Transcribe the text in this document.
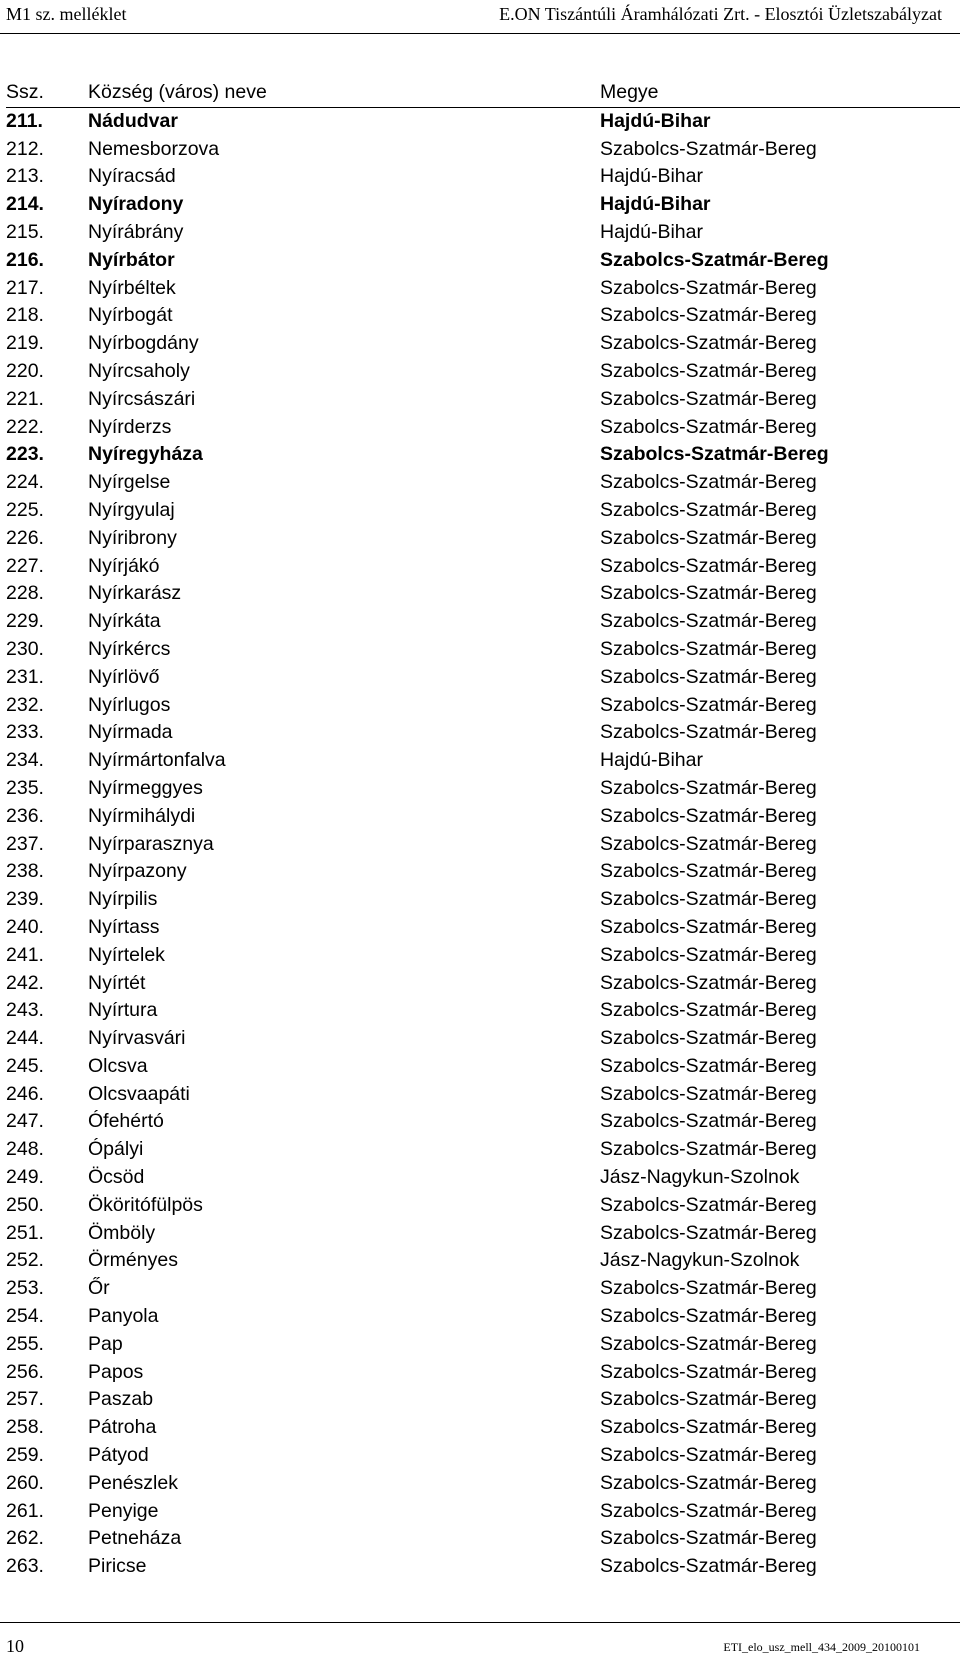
M1 sz. melléklet	E.ON Tiszántúli Áramhálózati Zrt. - Elosztói Üzletszabályzat
Ssz. Község (város) neve	Megye
211. Nádudvar	Hajdú-Bihar
212. Nemesborzova	Szabolcs-Szatmár-Bereg
213. Nyíracsád	Hajdú-Bihar
214. Nyíradony	Hajdú-Bihar
215. Nyírábrány	Hajdú-Bihar
216. Nyírbátor	Szabolcs-Szatmár-Bereg
217. Nyírbéltek	Szabolcs-Szatmár-Bereg
218. Nyírbogát	Szabolcs-Szatmár-Bereg
219. Nyírbogdány	Szabolcs-Szatmár-Bereg
220. Nyírcsaholy	Szabolcs-Szatmár-Bereg
221. Nyírcsászári	Szabolcs-Szatmár-Bereg
222. Nyírderzs	Szabolcs-Szatmár-Bereg
223. Nyíregyháza	Szabolcs-Szatmár-Bereg
224. Nyírgelse	Szabolcs-Szatmár-Bereg
225. Nyírgyulaj	Szabolcs-Szatmár-Bereg
226. Nyíribrony	Szabolcs-Szatmár-Bereg
227. Nyírjákó	Szabolcs-Szatmár-Bereg
228. Nyírkarász	Szabolcs-Szatmár-Bereg
229. Nyírkáta	Szabolcs-Szatmár-Bereg
230. Nyírkércs	Szabolcs-Szatmár-Bereg
231. Nyírlövő	Szabolcs-Szatmár-Bereg
232. Nyírlugos	Szabolcs-Szatmár-Bereg
233. Nyírmada	Szabolcs-Szatmár-Bereg
234. Nyírmártonfalva	Hajdú-Bihar
235. Nyírmeggyes	Szabolcs-Szatmár-Bereg
236. Nyírmihálydi	Szabolcs-Szatmár-Bereg
237. Nyírparasznya	Szabolcs-Szatmár-Bereg
238. Nyírpazony	Szabolcs-Szatmár-Bereg
239. Nyírpilis	Szabolcs-Szatmár-Bereg
240. Nyírtass	Szabolcs-Szatmár-Bereg
241. Nyírtelek	Szabolcs-Szatmár-Bereg
242. Nyírtét	Szabolcs-Szatmár-Bereg
243. Nyírtura	Szabolcs-Szatmár-Bereg
244. Nyírvasvári	Szabolcs-Szatmár-Bereg
245. Olcsva	Szabolcs-Szatmár-Bereg
246. Olcsvaapáti	Szabolcs-Szatmár-Bereg
247. Ófehértó	Szabolcs-Szatmár-Bereg
248. Ópályi	Szabolcs-Szatmár-Bereg
249. Öcsöd	Jász-Nagykun-Szolnok
250. Ököritófülpös	Szabolcs-Szatmár-Bereg
251. Ömböly	Szabolcs-Szatmár-Bereg
252. Örményes	Jász-Nagykun-Szolnok
253. Őr	Szabolcs-Szatmár-Bereg
254. Panyola	Szabolcs-Szatmár-Bereg
255. Pap	Szabolcs-Szatmár-Bereg
256. Papos	Szabolcs-Szatmár-Bereg
257. Paszab	Szabolcs-Szatmár-Bereg
258. Pátroha	Szabolcs-Szatmár-Bereg
259. Pátyod	Szabolcs-Szatmár-Bereg
260. Penészlek	Szabolcs-Szatmár-Bereg
261. Penyige	Szabolcs-Szatmár-Bereg
262. Petneháza	Szabolcs-Szatmár-Bereg
263. Piricse	Szabolcs-Szatmár-Bereg
10	ETI_elo_usz_mell_434_2009_20100101
